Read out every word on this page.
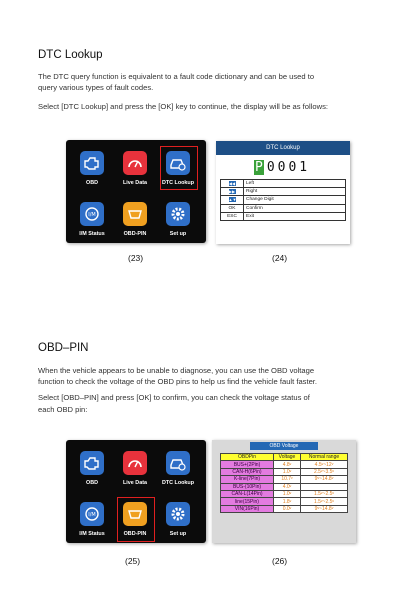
DTC Lookup
The DTC query function is equivalent to a fault code dictionary and can be used to
query various types of fault codes.
Select [DTC Lookup] and press the [OK] key to continue, the display will be as follows:
OBD	Live Data	DTC Lookup
I/M
I/M Status	OBD-PIN	Set up
(23)
DTC Lookup
P 0001
◀◀	Left
▶▶	Right
▲▼	Change Digit
OK	Confirm
ESC	Exit
(24)
OBD–PIN
When the vehicle appears to be unable to diagnose, you can use the OBD voltage
function to check the voltage of the OBD pins to help us find the vehicle fault faster.
Select [OBD–PIN] and press [OK] to confirm, you can check the voltage status of
each OBD pin:
OBD	Live Data	DTC Lookup
I/M
I/M Status	OBD-PIN	Set up
(25)
OBD Voltage
OBDPin	Voltage	Normal range
BUS+(2Pin)	4.8ᵛ	4.5ᵛ~12ᵛ
CAN-H(6Pin)	1.0ᵛ	2.5ᵛ~3.5ᵛ
K-line(7Pin)	10.7ᵛ	9ᵛ~14.8ᵛ
BUS-(10Pin)	4.0ᵛ	
CAN-L(14Pin)	1.0ᵛ	1.5ᵛ~2.5ᵛ
line(15Pin)	1.8ᵛ	1.5ᵛ~2.5ᵛ
VIN(16Pin)	0.0ᵛ	9ᵛ~14.8ᵛ
(26)
